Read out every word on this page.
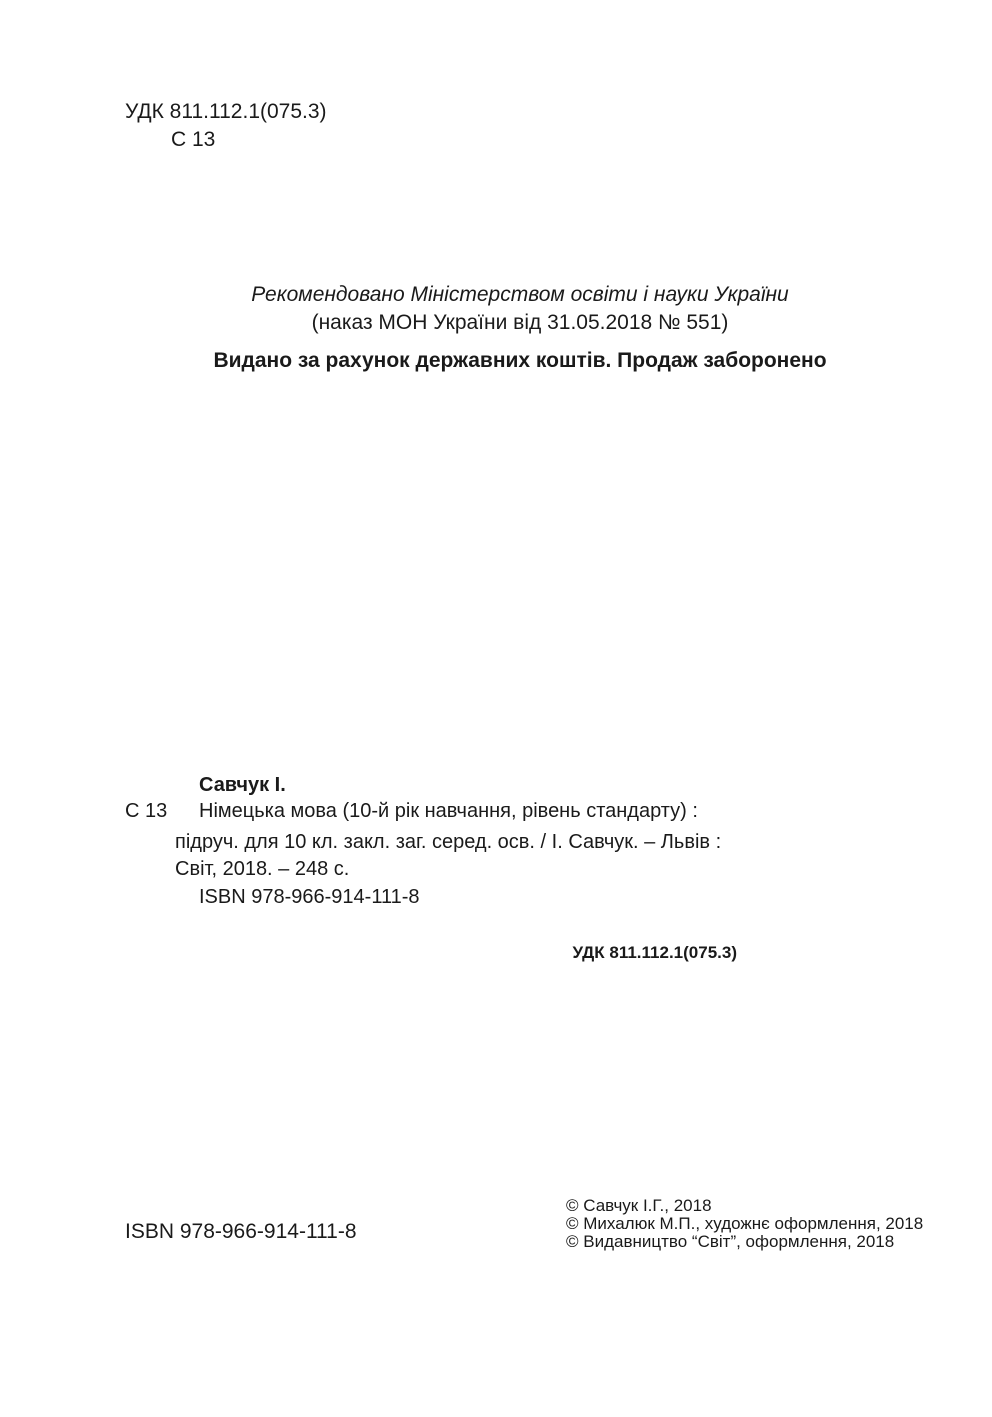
УДК 811.112.1(075.3)
С 13
Рекомендовано Міністерством освіти і науки України
(наказ МОН України від 31.05.2018 № 551)
Видано за рахунок державних коштів. Продаж заборонено
Савчук І.
С 13 Німецька мова (10-й рік навчання, рівень стандарту) :
підруч. для 10 кл. закл. заг. серед. осв. / І. Савчук. – Львів :
Світ, 2018. – 248 с.
ISBN 978-966-914-111-8
УДК 811.112.1(075.3)
ISBN 978-966-914-111-8
© Савчук І.Г., 2018
© Михалюк М.П., художнє оформлення, 2018
© Видавництво “Світ”, оформлення, 2018
